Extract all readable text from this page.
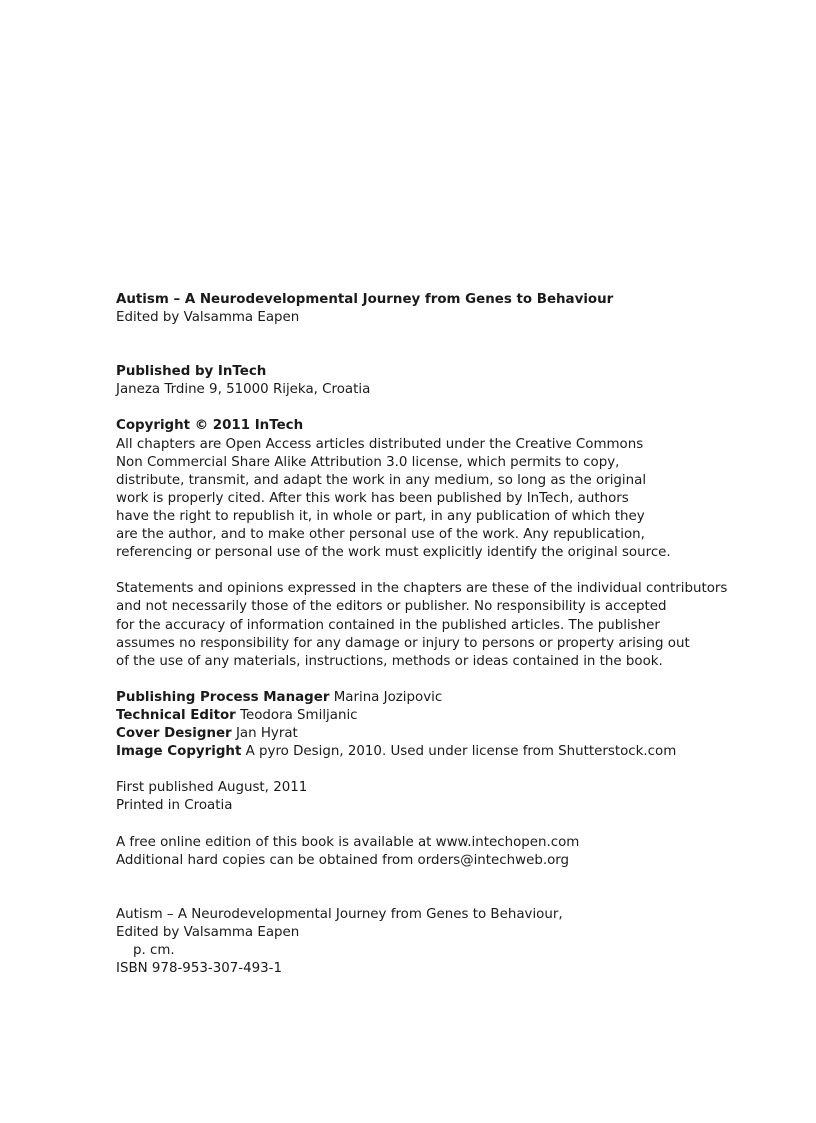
Autism – A Neurodevelopmental Journey from Genes to Behaviour
Edited by Valsamma Eapen
Published by InTech
Janeza Trdine 9, 51000 Rijeka, Croatia
Copyright © 2011 InTech
All chapters are Open Access articles distributed under the Creative Commons
Non Commercial Share Alike Attribution 3.0 license, which permits to copy,
distribute, transmit, and adapt the work in any medium, so long as the original
work is properly cited. After this work has been published by InTech, authors
have the right to republish it, in whole or part, in any publication of which they
are the author, and to make other personal use of the work. Any republication,
referencing or personal use of the work must explicitly identify the original source.
Statements and opinions expressed in the chapters are these of the individual contributors
and not necessarily those of the editors or publisher. No responsibility is accepted
for the accuracy of information contained in the published articles. The publisher
assumes no responsibility for any damage or injury to persons or property arising out
of the use of any materials, instructions, methods or ideas contained in the book.
Publishing Process Manager Marina Jozipovic
Technical Editor Teodora Smiljanic
Cover Designer Jan Hyrat
Image Copyright A pyro Design, 2010. Used under license from Shutterstock.com
First published August, 2011
Printed in Croatia
A free online edition of this book is available at www.intechopen.com
Additional hard copies can be obtained from orders@intechweb.org
Autism – A Neurodevelopmental Journey from Genes to Behaviour,
Edited by Valsamma Eapen
p. cm.
ISBN 978-953-307-493-1
